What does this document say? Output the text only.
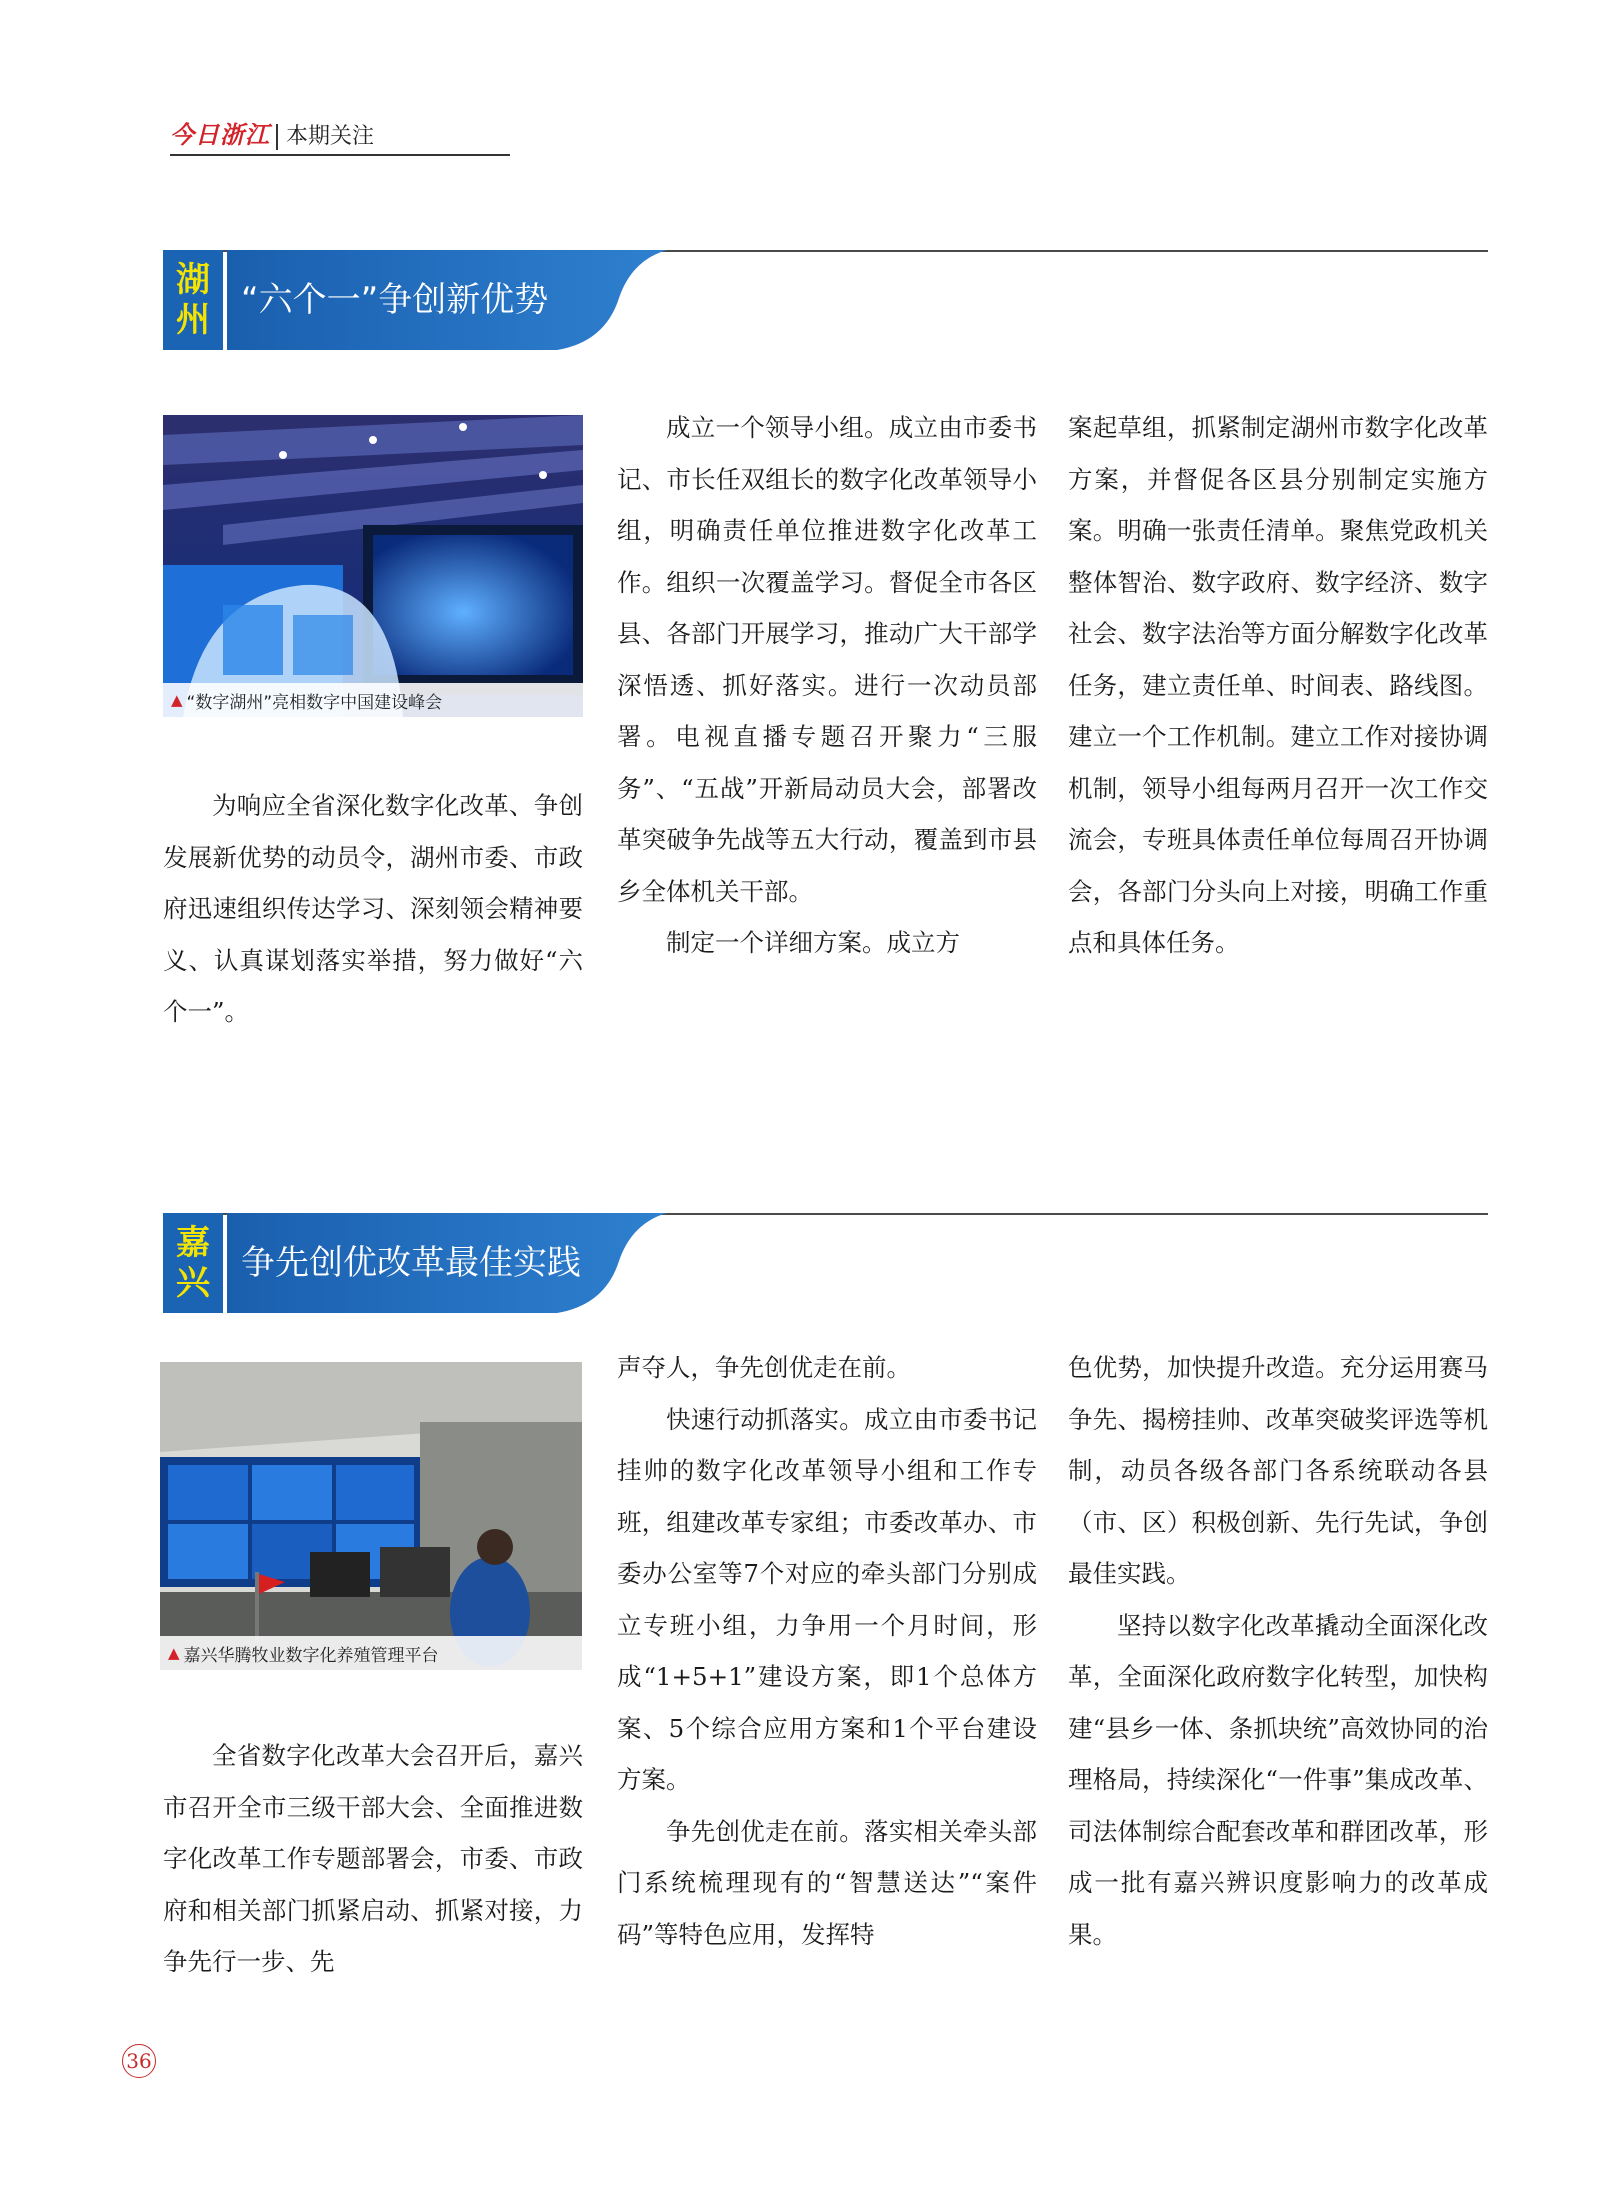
今日浙江 本期关注
湖
州 “六个一”争创新优势
▲ “数字湖州”亮相数字中国建设峰会

为响应全省深化数字化改革、争创发展新优势的动员令，湖州市委、市政府迅速组织传达学习、深刻领会精神要义、认真谋划落实举措，努力做好“六个一”。

成立一个领导小组。成立由市委书记、市长任双组长的数字化改革领导小组，明确责任单位推进数字化改革工作。组织一次覆盖学习。督促全市各区县、各部门开展学习，推动广大干部学深悟透、抓好落实。进行一次动员部署。电视直播专题召开聚力“三服务”、“五战”开新局动员大会，部署改革突破争先战等五大行动，覆盖到市县乡全体机关干部。

制定一个详细方案。成立方

案起草组，抓紧制定湖州市数字化改革方案，并督促各区县分别制定实施方案。明确一张责任清单。聚焦党政机关整体智治、数字政府、数字经济、数字社会、数字法治等方面分解数字化改革任务，建立责任单、时间表、路线图。建立一个工作机制。建立工作对接协调机制，领导小组每两月召开一次工作交流会，专班具体责任单位每周召开协调会，各部门分头向上对接，明确工作重点和具体任务。

嘉
兴 争先创优改革最佳实践
▲ 嘉兴华腾牧业数字化养殖管理平台

全省数字化改革大会召开后，嘉兴市召开全市三级干部大会、全面推进数字化改革工作专题部署会，市委、市政府和相关部门抓紧启动、抓紧对接，力争先行一步、先

声夺人，争先创优走在前。

快速行动抓落实。成立由市委书记挂帅的数字化改革领导小组和工作专班，组建改革专家组；市委改革办、市委办公室等7个对应的牵头部门分别成立专班小组，力争用一个月时间，形成“1+5+1”建设方案，即1个总体方案、5个综合应用方案和1个平台建设方案。

争先创优走在前。落实相关牵头部门系统梳理现有的“智慧送达”“案件码”等特色应用，发挥特

色优势，加快提升改造。充分运用赛马争先、揭榜挂帅、改革突破奖评选等机制，动员各级各部门各系统联动各县（市、区）积极创新、先行先试，争创最佳实践。

坚持以数字化改革撬动全面深化改革，全面深化政府数字化转型，加快构建“县乡一体、条抓块统”高效协同的治理格局，持续深化“一件事”集成改革、司法体制综合配套改革和群团改革，形成一批有嘉兴辨识度影响力的改革成果。

36
